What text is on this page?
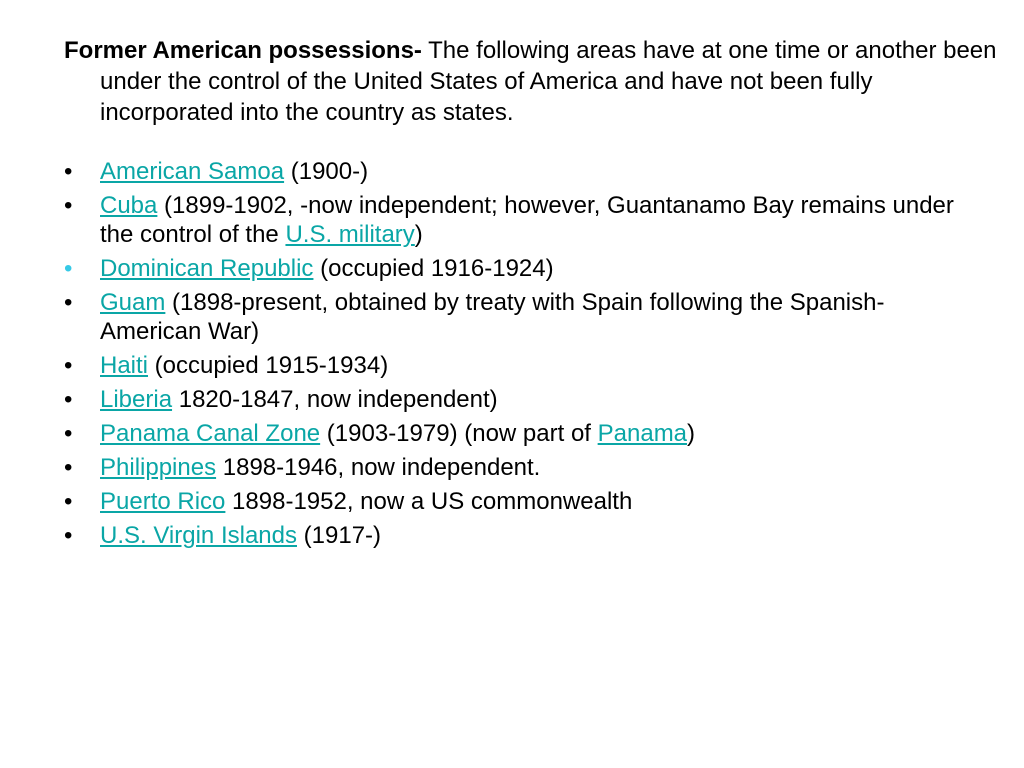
Former American possessions- The following areas have at one time or another been under the control of the United States of America and have not been fully incorporated into the country as states.
•	American Samoa (1900-)
•	Cuba (1899-1902, -now independent; however, Guantanamo Bay remains under the control of the U.S. military)
•	Dominican Republic (occupied 1916-1924)
•	Guam (1898-present, obtained by treaty with Spain following the Spanish-American War)
•	Haiti (occupied 1915-1934)
•	Liberia 1820-1847, now independent)
•	Panama Canal Zone (1903-1979) (now part of Panama)
•	Philippines 1898-1946, now independent.
•	Puerto Rico 1898-1952, now a US commonwealth
•	U.S. Virgin Islands (1917-)
